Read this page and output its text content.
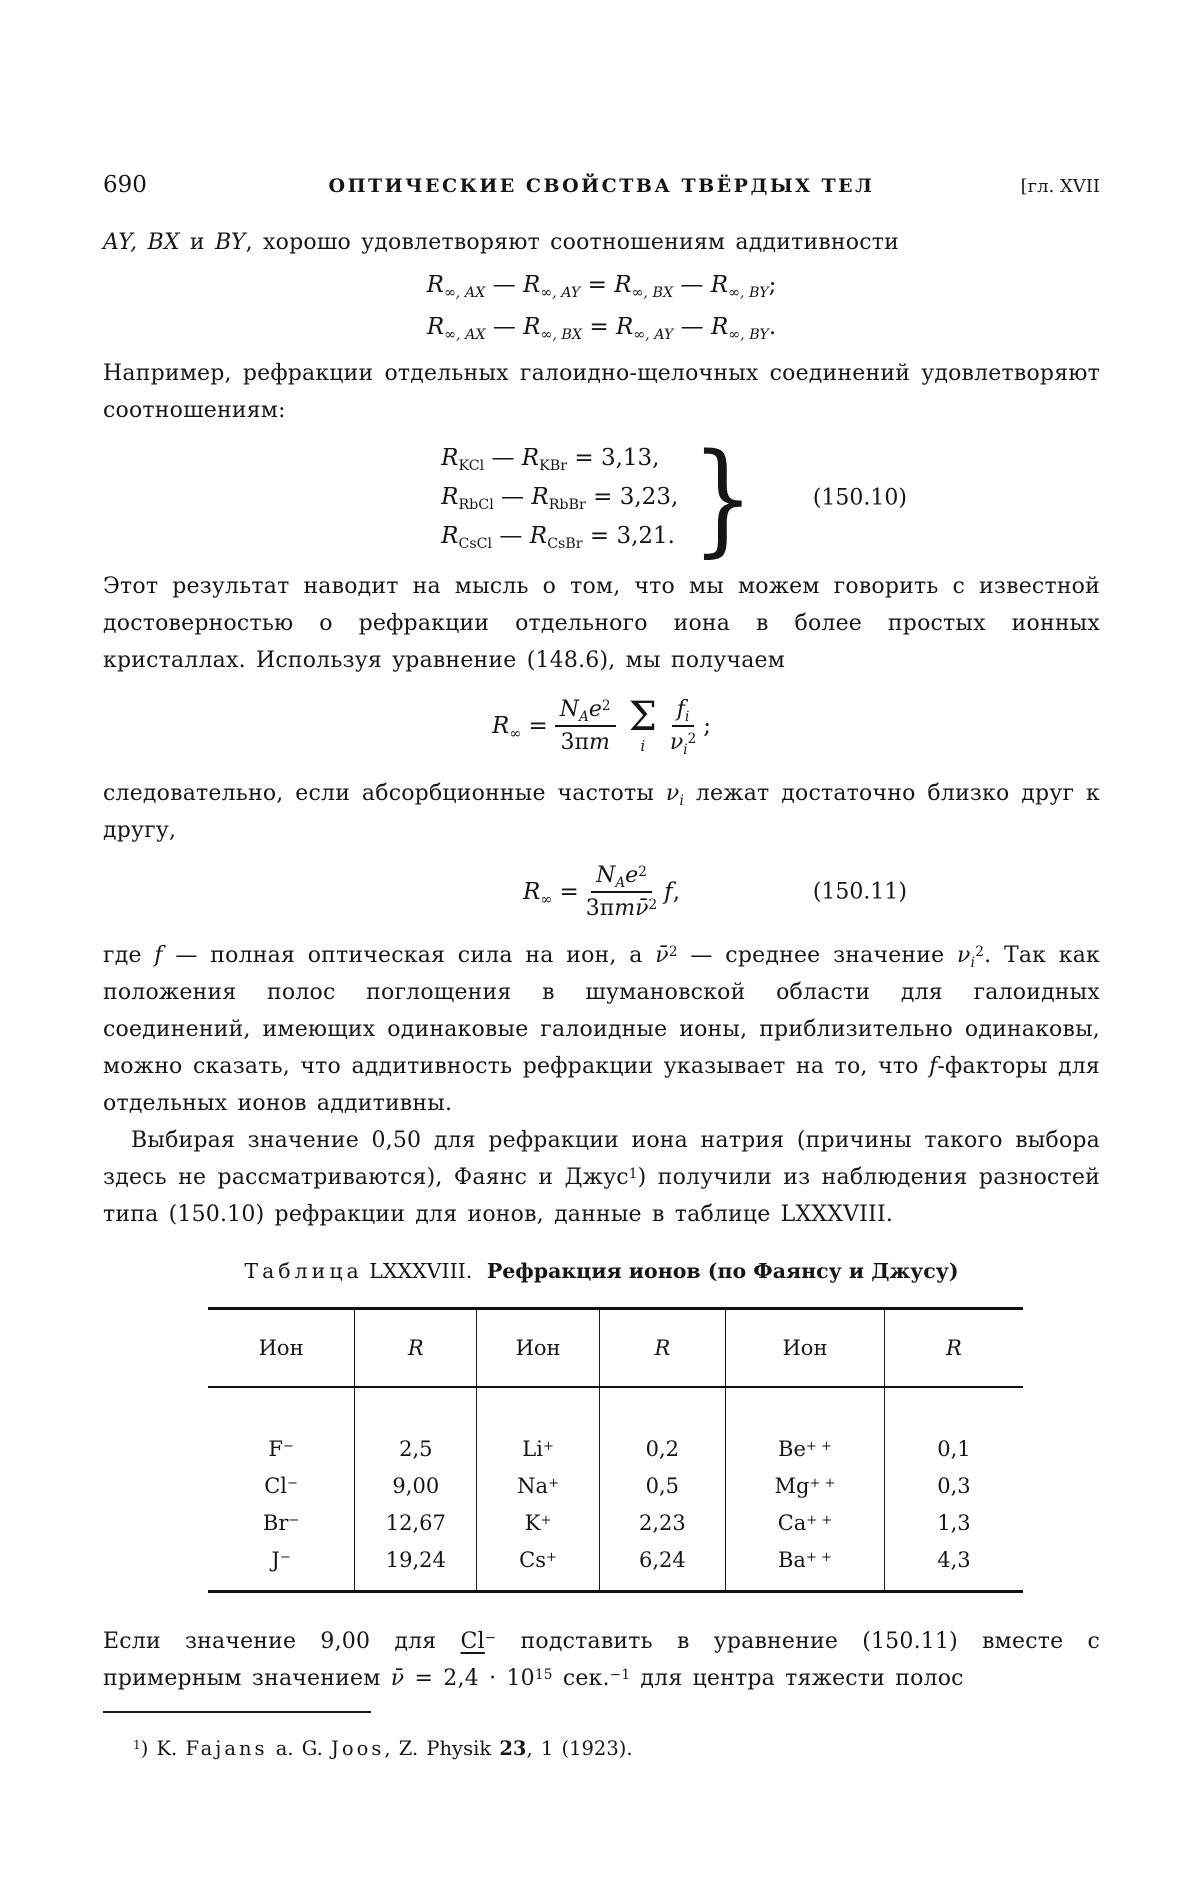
690	ОПТИЧЕСКИЕ СВОЙСТВА ТВЁРДЫХ ТЕЛ	[гл. XVII

AY, BX и BY, хорошо удовлетворяют соотношениям аддитивности

$R_{\infty, AX}$ — $R_{\infty, AY} = R_{\infty, BX}$ — $R_{\infty, BY}$;
$R_{\infty, AX}$ — $R_{\infty, BX} = R_{\infty, AY}$ — $R_{\infty, BY}$.

Например, рефракции отдельных галоидно-щелочных соединений удовлетворяют соотношениям:

$R_{KCl}$ — $R_{KBr} = 3,13$,
$R_{RbCl}$ — $R_{RbBr} = 3,23$,
$R_{CsCl}$ — $R_{CsBr} = 3,21$. }	(150.10)

Этот результат наводит на мысль о том, что мы можем говорить с известной достоверностью о рефракции отдельного иона в более простых ионных кристаллах. Используя уравнение (148.6), мы получаем

$R_\infty = \frac{N_Ae^2}{3\pi m}$ Σ
i $\frac{f_i}{\nu_i^2}$ ;

следовательно, если абсорбционные частоты $\nu_i$ лежат достаточно близко друг к другу,

$R_\infty = \frac{N_Ae^2}{3\pi m\nū^2} f$,	(150.11)

где f — полная оптическая сила на ион, а ν̄$^2$ — среднее значение $\nu_i^2$. Так как положения полос поглощения в шумановской области для галоидных соединений, имеющих одинаковые галоидные ионы, приблизительно одинаковы, можно сказать, что аддитивность рефракции указывает на то, что f-факторы для отдельных ионов аддитивны.

Выбирая значение 0,50 для рефракции иона натрия (причины такого выбора здесь не рассматриваются), Фаянс и Джус$^1$) получили из наблюдения разностей типа (150.10) рефракции для ионов, данные в таблице LXXXVIII.

Таблица LXXXVIII. Рефракция ионов (по Фаянсу и Джусу)
Ион	R	Ион	R	Ион	R
F−	2,5	Li+	0,2	Be+ +	0,1
Cl−	9,00	Na+	0,5	Mg+ +	0,3
Br−	12,67	K+	2,23	Ca+ +	1,3
J−	19,24	Cs+	6,24	Ba+ +	4,3

Если значение 9,00 для Cl− подставить в уравнение (150.11) вместе с примерным значением ν̄ = $2,4 \cdot 10^{15}$ сек.$^{-1}$ для центра тяжести полос

$^1$) K. Fajans a. G. Joos, Z. Physik 23, 1 (1923).
